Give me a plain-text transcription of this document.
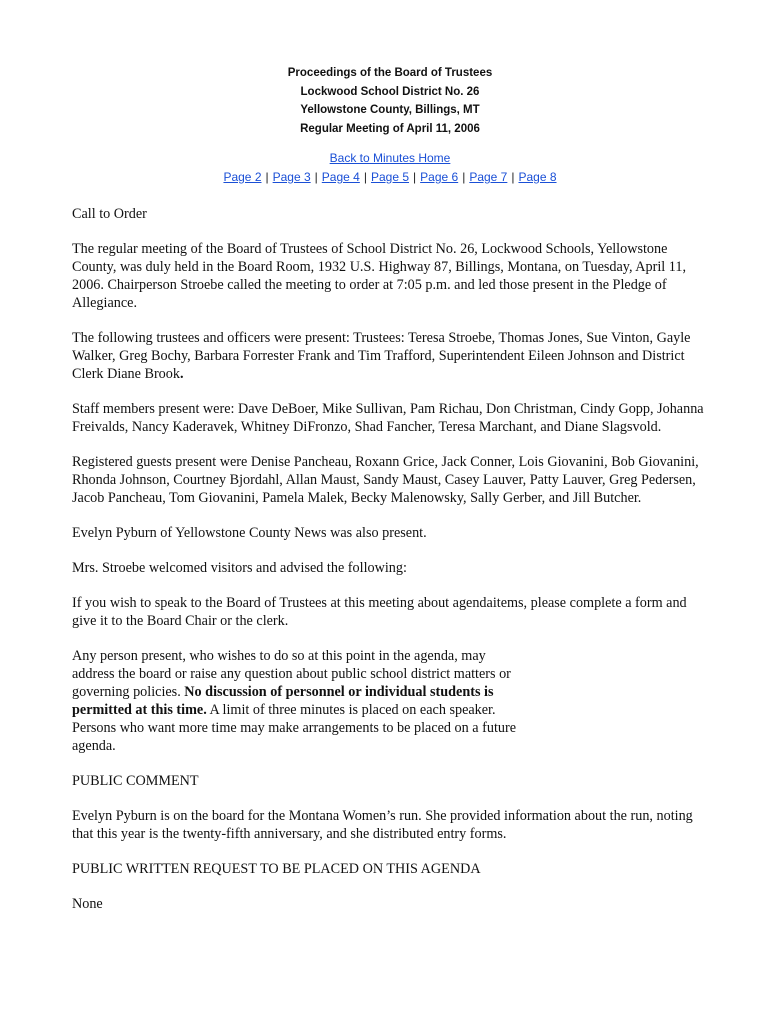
Proceedings of the Board of Trustees
Lockwood School District No. 26
Yellowstone County, Billings, MT
Regular Meeting of April 11, 2006
Back to Minutes Home
Page 2 | Page 3 | Page 4 | Page 5 | Page 6 | Page 7 | Page 8

Call to Order

The regular meeting of the Board of Trustees of School District No. 26, Lockwood Schools, Yellowstone County, was duly held in the Board Room, 1932 U.S. Highway 87, Billings, Montana, on Tuesday, April 11, 2006. Chairperson Stroebe called the meeting to order at 7:05 p.m. and led those present in the Pledge of Allegiance.

The following trustees and officers were present: Trustees: Teresa Stroebe, Thomas Jones, Sue Vinton, Gayle Walker, Greg Bochy, Barbara Forrester Frank and Tim Trafford, Superintendent Eileen Johnson and District Clerk Diane Brook.

Staff members present were: Dave DeBoer, Mike Sullivan, Pam Richau, Don Christman, Cindy Gopp, Johanna Freivalds, Nancy Kaderavek, Whitney DiFronzo, Shad Fancher, Teresa Marchant, and Diane Slagsvold.

Registered guests present were Denise Pancheau, Roxann Grice, Jack Conner, Lois Giovanini, Bob Giovanini, Rhonda Johnson, Courtney Bjordahl, Allan Maust, Sandy Maust, Casey Lauver, Patty Lauver, Greg Pedersen, Jacob Pancheau, Tom Giovanini, Pamela Malek, Becky Malenowsky, Sally Gerber, and Jill Butcher.

Evelyn Pyburn of Yellowstone County News was also present.

Mrs. Stroebe welcomed visitors and advised the following:

If you wish to speak to the Board of Trustees at this meeting about agendaitems, please complete a form and give it to the Board Chair or the clerk.

Any person present, who wishes to do so at this point in the agenda, may address the board or raise any question about public school district matters or governing policies. No discussion of personnel or individual students is permitted at this time. A limit of three minutes is placed on each speaker. Persons who want more time may make arrangements to be placed on a future agenda.

PUBLIC COMMENT

Evelyn Pyburn is on the board for the Montana Women’s run. She provided information about the run, noting that this year is the twenty-fifth anniversary, and she distributed entry forms.

PUBLIC WRITTEN REQUEST TO BE PLACED ON THIS AGENDA

None
